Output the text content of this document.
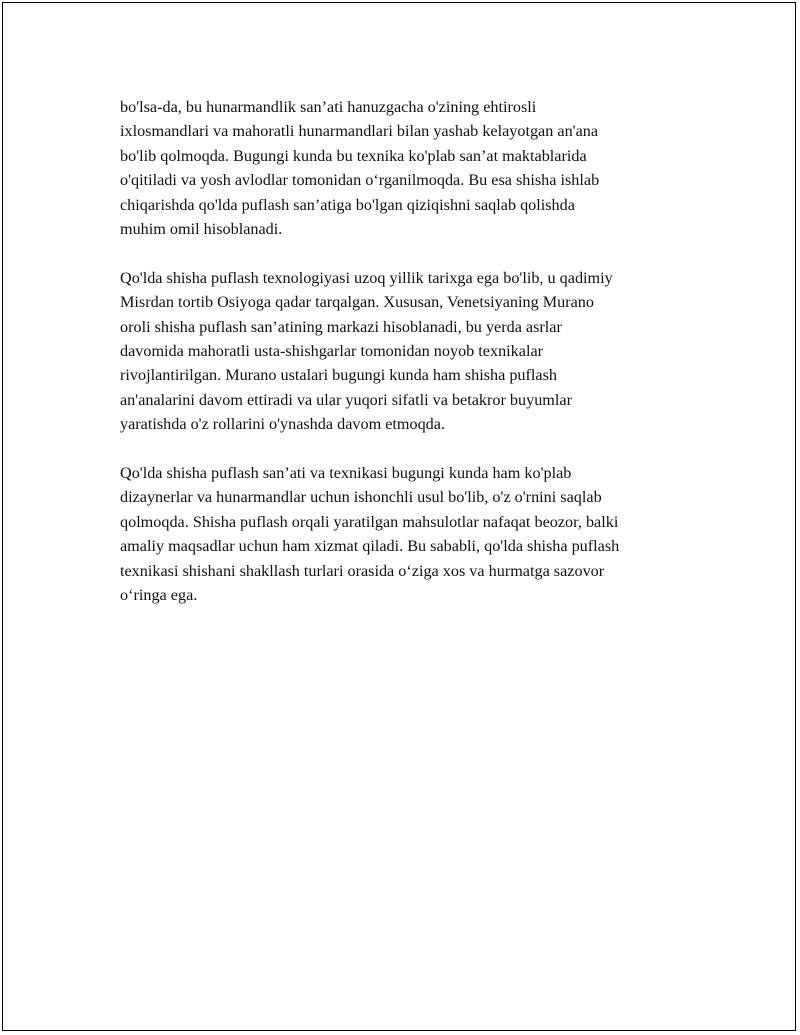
bo'lsa-da, bu hunarmandlik san’ati hanuzgacha o'zining ehtirosli
ixlosmandlari va mahoratli hunarmandlari bilan yashab kelayotgan an'ana
bo'lib qolmoqda. Bugungi kunda bu texnika ko'plab san’at maktablarida
o'qitiladi va yosh avlodlar tomonidan o‘rganilmoqda. Bu esa shisha ishlab
chiqarishda qo'lda puflash san’atiga bo'lgan qiziqishni saqlab qolishda
muhim omil hisoblanadi.

Qo'lda shisha puflash texnologiyasi uzoq yillik tarixga ega bo'lib, u qadimiy
Misrdan tortib Osiyoga qadar tarqalgan. Xususan, Venetsiyaning Murano
oroli shisha puflash san’atining markazi hisoblanadi, bu yerda asrlar
davomida mahoratli usta-shishgarlar tomonidan noyob texnikalar
rivojlantirilgan. Murano ustalari bugungi kunda ham shisha puflash
an'analarini davom ettiradi va ular yuqori sifatli va betakror buyumlar
yaratishda o'z rollarini o'ynashda davom etmoqda.

Qo'lda shisha puflash san’ati va texnikasi bugungi kunda ham ko'plab
dizaynerlar va hunarmandlar uchun ishonchli usul bo'lib, o'z o'rnini saqlab
qolmoqda. Shisha puflash orqali yaratilgan mahsulotlar nafaqat beozor, balki
amaliy maqsadlar uchun ham xizmat qiladi. Bu sababli, qo'lda shisha puflash
texnikasi shishani shakllash turlari orasida o‘ziga xos va hurmatga sazovor
o‘ringa ega.
